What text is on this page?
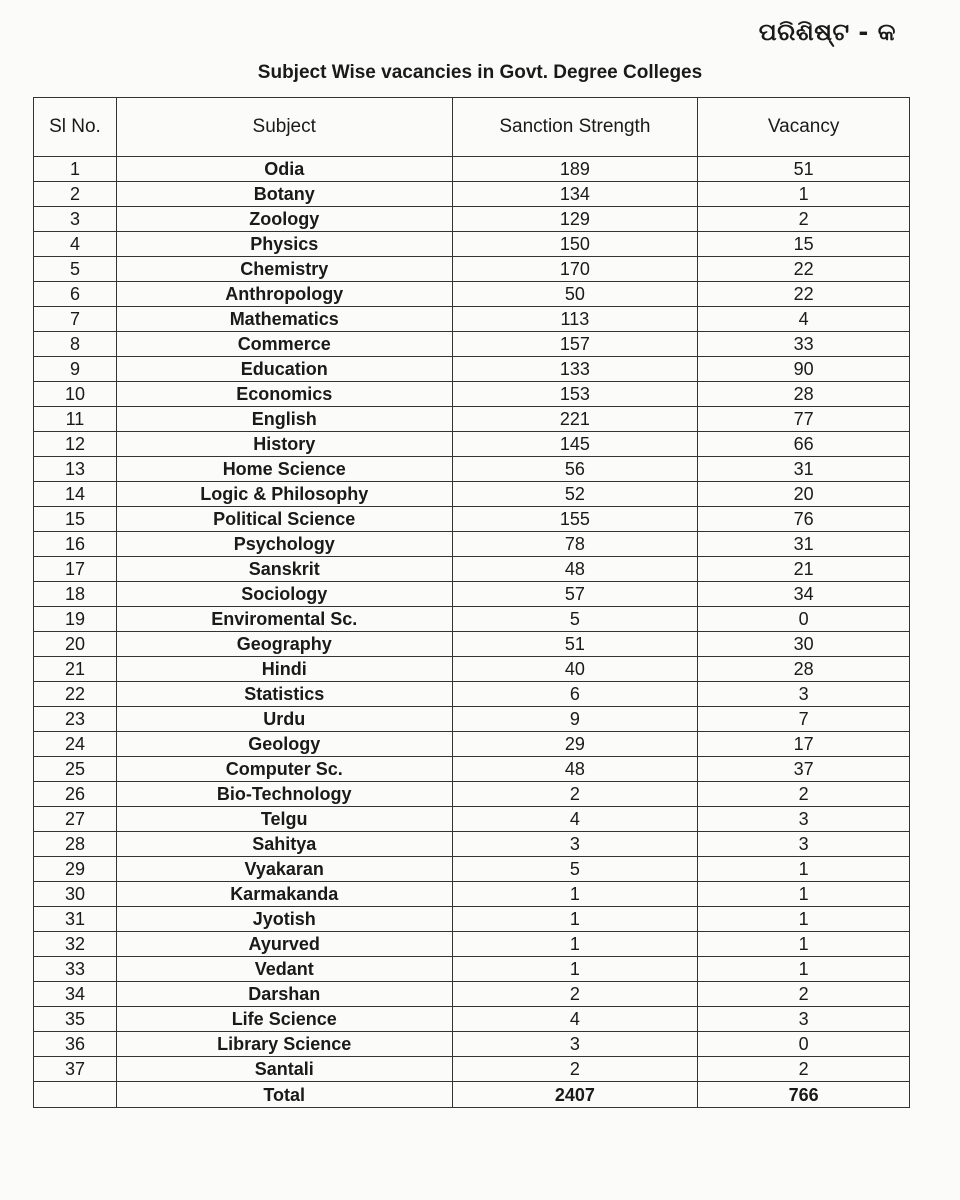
ପରିଶିଷ୍ଟ - କ
Subject Wise vacancies in Govt. Degree Colleges
Sl No.	Subject	Sanction Strength	Vacancy
1	Odia	189	51
2	Botany	134	1
3	Zoology	129	2
4	Physics	150	15
5	Chemistry	170	22
6	Anthropology	50	22
7	Mathematics	113	4
8	Commerce	157	33
9	Education	133	90
10	Economics	153	28
11	English	221	77
12	History	145	66
13	Home Science	56	31
14	Logic & Philosophy	52	20
15	Political Science	155	76
16	Psychology	78	31
17	Sanskrit	48	21
18	Sociology	57	34
19	Enviromental Sc.	5	0
20	Geography	51	30
21	Hindi	40	28
22	Statistics	6	3
23	Urdu	9	7
24	Geology	29	17
25	Computer Sc.	48	37
26	Bio-Technology	2	2
27	Telgu	4	3
28	Sahitya	3	3
29	Vyakaran	5	1
30	Karmakanda	1	1
31	Jyotish	1	1
32	Ayurved	1	1
33	Vedant	1	1
34	Darshan	2	2
35	Life Science	4	3
36	Library Science	3	0
37	Santali	2	2
	Total	2407	766
